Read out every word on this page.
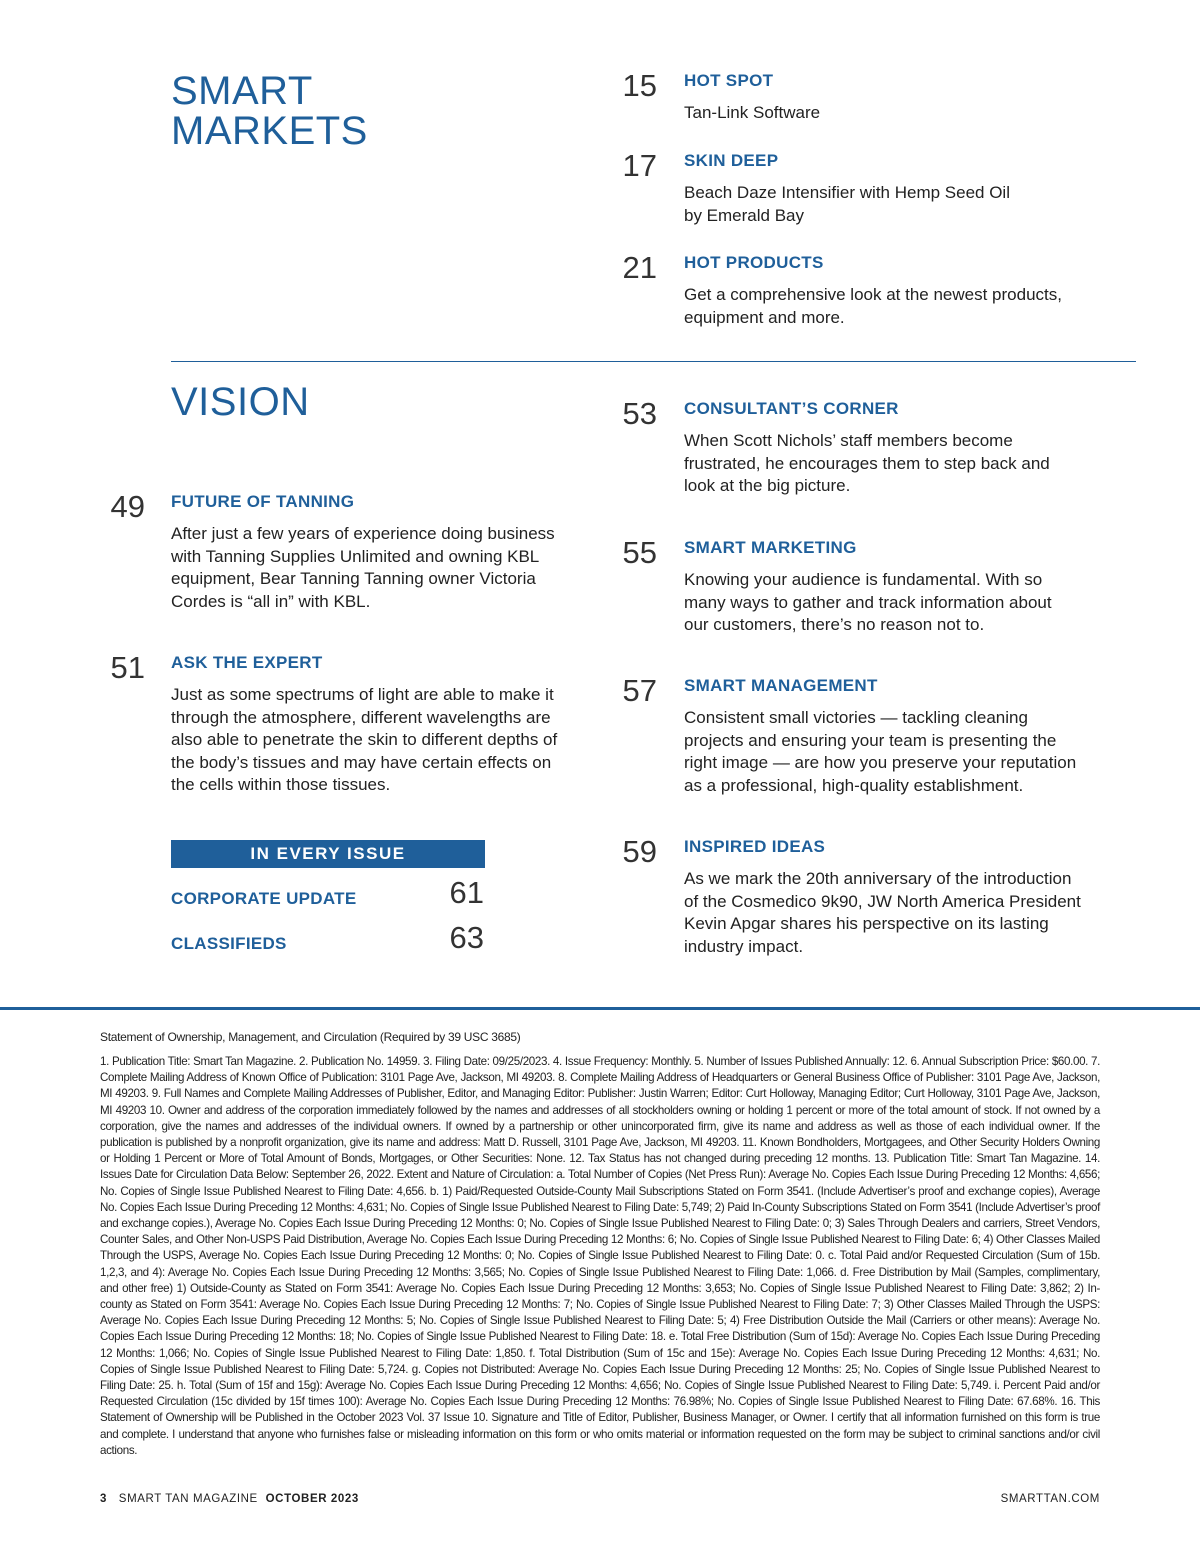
SMART
MARKETS
15 HOT SPOT
Tan-Link Software
17 SKIN DEEP
Beach Daze Intensifier with Hemp Seed Oil
by Emerald Bay
21 HOT PRODUCTS
Get a comprehensive look at the newest products,
equipment and more.
VISION
49 FUTURE OF TANNING
After just a few years of experience doing business
with Tanning Supplies Unlimited and owning KBL
equipment, Bear Tanning Tanning owner Victoria
Cordes is “all in” with KBL.
51 ASK THE EXPERT
Just as some spectrums of light are able to make it
through the atmosphere, different wavelengths are
also able to penetrate the skin to different depths of
the body’s tissues and may have certain effects on
the cells within those tissues.
53 CONSULTANT’S CORNER
When Scott Nichols’ staff members become
frustrated, he encourages them to step back and
look at the big picture.
55 SMART MARKETING
Knowing your audience is fundamental. With so
many ways to gather and track information about
our customers, there’s no reason not to.
57 SMART MANAGEMENT
Consistent small victories — tackling cleaning
projects and ensuring your team is presenting the
right image — are how you preserve your reputation
as a professional, high-quality establishment.
59 INSPIRED IDEAS
As we mark the 20th anniversary of the introduction
of the Cosmedico 9k90, JW North America President
Kevin Apgar shares his perspective on its lasting
industry impact.
IN EVERY ISSUE
CORPORATE UPDATE	61
CLASSIFIEDS	63
Statement of Ownership, Management, and Circulation (Required by 39 USC 3685)
1. Publication Title: Smart Tan Magazine. 2. Publication No. 14959. 3. Filing Date: 09/25/2023. 4. Issue Frequency: Monthly. 5. Number of Issues Published Annually: 12. 6. Annual Subscription Price: $60.00. 7. Complete Mailing Address of Known Office of Publication: 3101 Page Ave, Jackson, MI 49203. 8. Complete Mailing Address of Headquarters or General Business Office of Publisher: 3101 Page Ave, Jackson, MI 49203. 9. Full Names and Complete Mailing Addresses of Publisher, Editor, and Managing Editor: Publisher: Justin Warren; Editor: Curt Holloway, Managing Editor; Curt Holloway, 3101 Page Ave, Jackson, MI 49203 10. Owner and address of the corporation immediately followed by the names and addresses of all stockholders owning or holding 1 percent or more of the total amount of stock. If not owned by a corporation, give the names and addresses of the individual owners. If owned by a partnership or other unincorporated firm, give its name and address as well as those of each individual owner. If the publication is published by a nonprofit organization, give its name and address: Matt D. Russell, 3101 Page Ave, Jackson, MI 49203. 11. Known Bondholders, Mortgagees, and Other Security Holders Owning or Holding 1 Percent or More of Total Amount of Bonds, Mortgages, or Other Securities: None. 12. Tax Status has not changed during preceding 12 months. 13. Publication Title: Smart Tan Magazine. 14. Issues Date for Circulation Data Below: September 26, 2022. Extent and Nature of Circulation: a. Total Number of Copies (Net Press Run): Average No. Copies Each Issue During Preceding 12 Months: 4,656; No. Copies of Single Issue Published Nearest to Filing Date: 4,656. b. 1) Paid/Requested Outside-County Mail Subscriptions Stated on Form 3541. (Include Advertiser’s proof and exchange copies), Average No. Copies Each Issue During Preceding 12 Months: 4,631; No. Copies of Single Issue Published Nearest to Filing Date: 5,749; 2) Paid In-County Subscriptions Stated on Form 3541 (Include Advertiser’s proof and exchange copies.), Average No. Copies Each Issue During Preceding 12 Months: 0; No. Copies of Single Issue Published Nearest to Filing Date: 0; 3) Sales Through Dealers and carriers, Street Vendors, Counter Sales, and Other Non-USPS Paid Distribution, Average No. Copies Each Issue During Preceding 12 Months: 6; No. Copies of Single Issue Published Nearest to Filing Date: 6; 4) Other Classes Mailed Through the USPS, Average No. Copies Each Issue During Preceding 12 Months: 0; No. Copies of Single Issue Published Nearest to Filing Date: 0. c. Total Paid and/or Requested Circulation (Sum of 15b. 1,2,3, and 4): Average No. Copies Each Issue During Preceding 12 Months: 3,565; No. Copies of Single Issue Published Nearest to Filing Date: 1,066. d. Free Distribution by Mail (Samples, complimentary, and other free) 1) Outside-County as Stated on Form 3541: Average No. Copies Each Issue During Preceding 12 Months: 3,653; No. Copies of Single Issue Published Nearest to Filing Date: 3,862; 2) In-county as Stated on Form 3541: Average No. Copies Each Issue During Preceding 12 Months: 7; No. Copies of Single Issue Published Nearest to Filing Date: 7; 3) Other Classes Mailed Through the USPS: Average No. Copies Each Issue During Preceding 12 Months: 5; No. Copies of Single Issue Published Nearest to Filing Date: 5; 4) Free Distribution Outside the Mail (Carriers or other means): Average No. Copies Each Issue During Preceding 12 Months: 18; No. Copies of Single Issue Published Nearest to Filing Date: 18. e. Total Free Distribution (Sum of 15d): Average No. Copies Each Issue During Preceding 12 Months: 1,066; No. Copies of Single Issue Published Nearest to Filing Date: 1,850. f. Total Distribution (Sum of 15c and 15e): Average No. Copies Each Issue During Preceding 12 Months: 4,631; No. Copies of Single Issue Published Nearest to Filing Date: 5,724. g. Copies not Distributed: Average No. Copies Each Issue During Preceding 12 Months: 25; No. Copies of Single Issue Published Nearest to Filing Date: 25. h. Total (Sum of 15f and 15g): Average No. Copies Each Issue During Preceding 12 Months: 4,656; No. Copies of Single Issue Published Nearest to Filing Date: 5,749. i. Percent Paid and/or Requested Circulation (15c divided by 15f times 100): Average No. Copies Each Issue During Preceding 12 Months: 76.98%; No. Copies of Single Issue Published Nearest to Filing Date: 67.68%. 16. This Statement of Ownership will be Published in the October 2023 Vol. 37 Issue 10. Signature and Title of Editor, Publisher, Business Manager, or Owner. I certify that all information furnished on this form is true and complete. I understand that anyone who furnishes false or misleading information on this form or who omits material or information requested on the form may be subject to criminal sanctions and/or civil actions.
3 SMART TAN MAGAZINE OCTOBER 2023	SMARTTAN.COM
